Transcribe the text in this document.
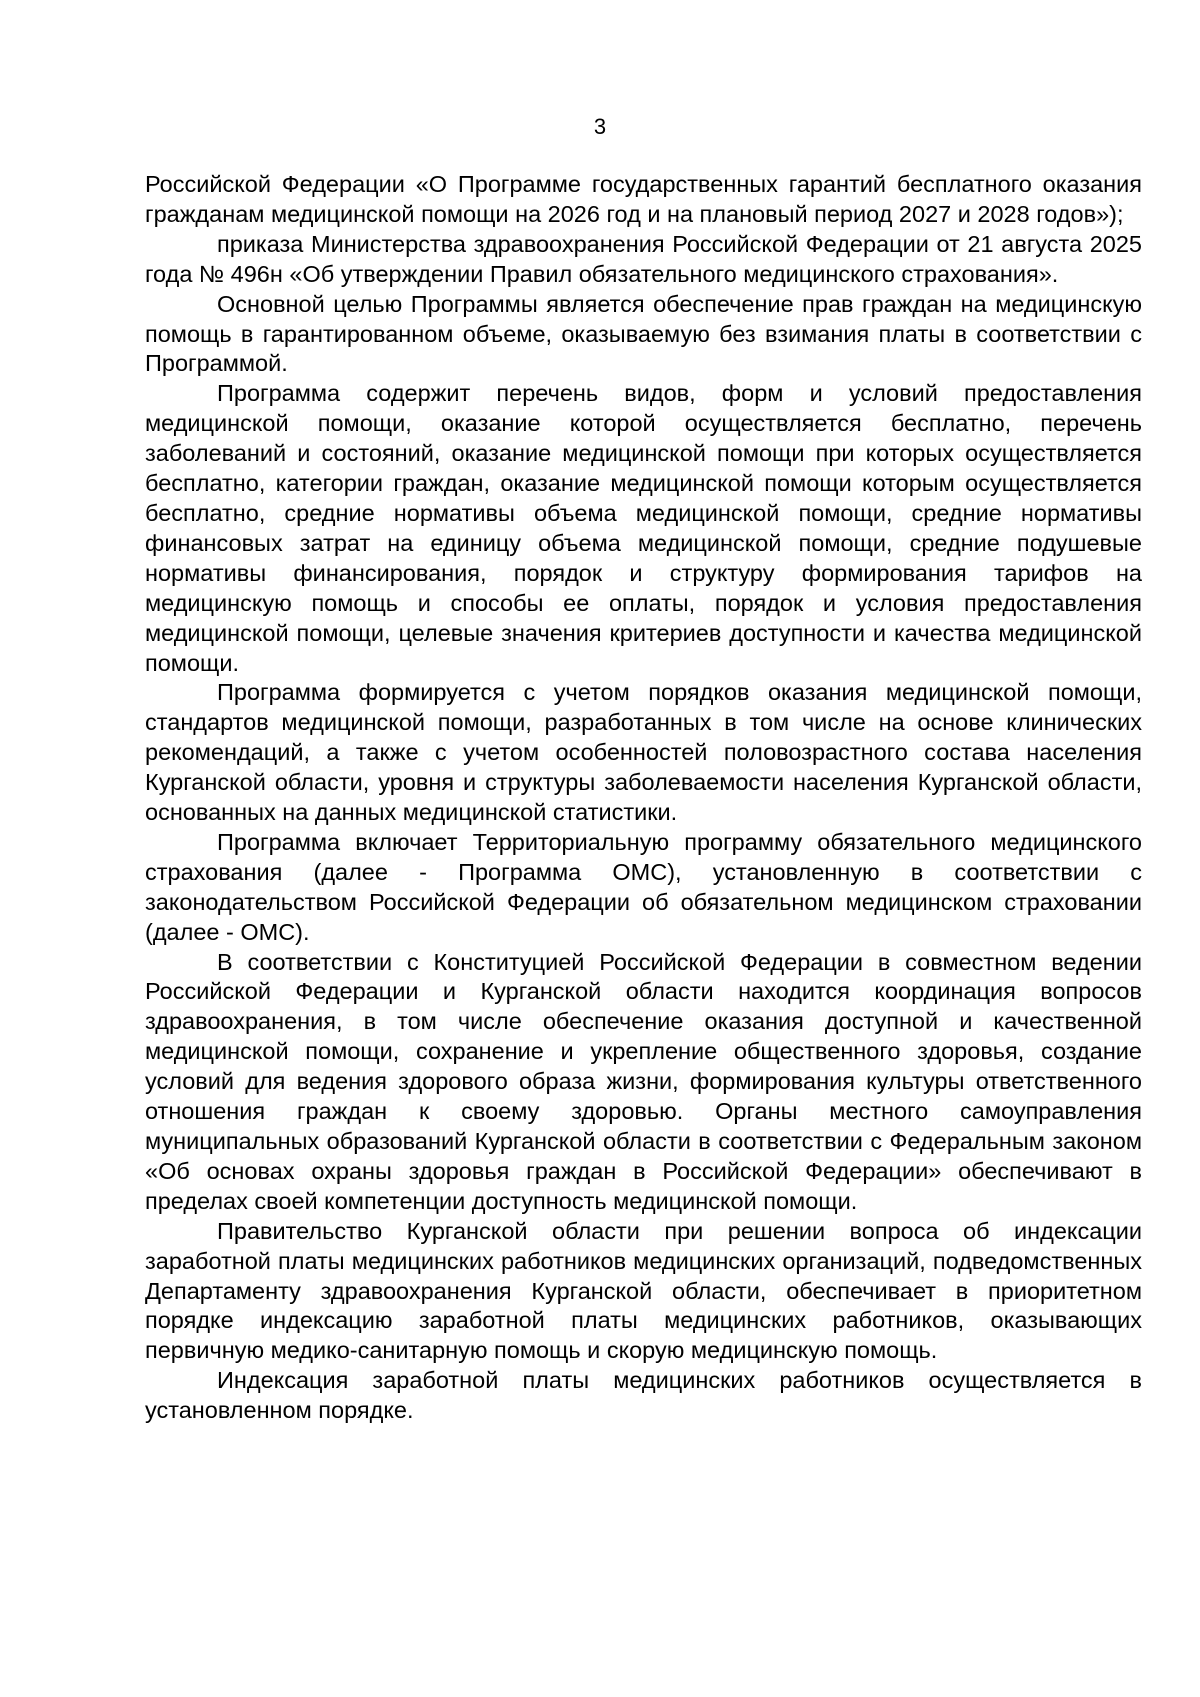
3

Российской Федерации «О Программе государственных гарантий бесплатного оказания гражданам медицинской помощи на 2026 год и на плановый период 2027 и 2028 годов»);

приказа Министерства здравоохранения Российской Федерации от 21 августа 2025 года № 496н «Об утверждении Правил обязательного медицинского страхования».

Основной целью Программы является обеспечение прав граждан на медицинскую помощь в гарантированном объеме, оказываемую без взимания платы в соответствии с Программой.

Программа содержит перечень видов, форм и условий предоставления медицинской помощи, оказание которой осуществляется бесплатно, перечень заболеваний и состояний, оказание медицинской помощи при которых осуществляется бесплатно, категории граждан, оказание медицинской помощи которым осуществляется бесплатно, средние нормативы объема медицинской помощи, средние нормативы финансовых затрат на единицу объема медицинской помощи, средние подушевые нормативы финансирования, порядок и структуру формирования тарифов на медицинскую помощь и способы ее оплаты, порядок и условия предоставления медицинской помощи, целевые значения критериев доступности и качества медицинской помощи.

Программа формируется с учетом порядков оказания медицинской помощи, стандартов медицинской помощи, разработанных в том числе на основе клинических рекомендаций, а также с учетом особенностей половозрастного состава населения Курганской области, уровня и структуры заболеваемости населения Курганской области, основанных на данных медицинской статистики.

Программа включает Территориальную программу обязательного медицинского страхования (далее - Программа ОМС), установленную в соответствии с законодательством Российской Федерации об обязательном медицинском страховании (далее - ОМС).

В соответствии с Конституцией Российской Федерации в совместном ведении Российской Федерации и Курганской области находится координация вопросов здравоохранения, в том числе обеспечение оказания доступной и качественной медицинской помощи, сохранение и укрепление общественного здоровья, создание условий для ведения здорового образа жизни, формирования культуры ответственного отношения граждан к своему здоровью. Органы местного самоуправления муниципальных образований Курганской области в соответствии с Федеральным законом «Об основах охраны здоровья граждан в Российской Федерации» обеспечивают в пределах своей компетенции доступность медицинской помощи.

Правительство Курганской области при решении вопроса об индексации заработной платы медицинских работников медицинских организаций, подведомственных Департаменту здравоохранения Курганской области, обеспечивает в приоритетном порядке индексацию заработной платы медицинских работников, оказывающих первичную медико-санитарную помощь и скорую медицинскую помощь.

Индексация заработной платы медицинских работников осуществляется в установленном порядке.
